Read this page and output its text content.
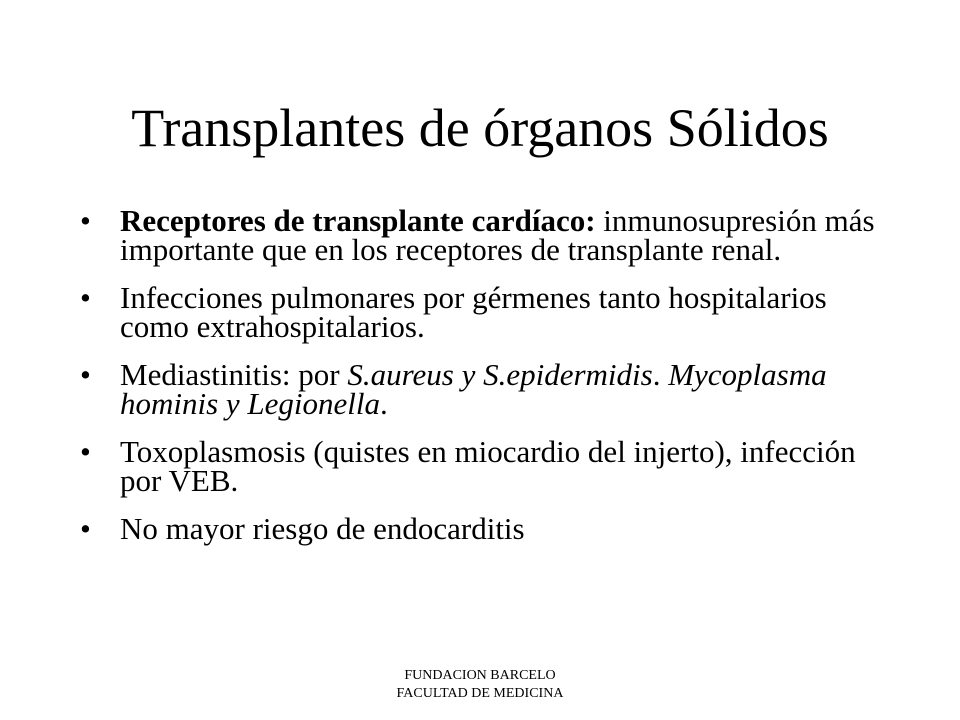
Transplantes de órganos Sólidos
• Receptores de transplante cardíaco: inmunosupresión más importante que en los receptores de transplante renal.
• Infecciones pulmonares por gérmenes tanto hospitalarios como extrahospitalarios.
• Mediastinitis: por S.aureus y S.epidermidis. Mycoplasma hominis y Legionella.
• Toxoplasmosis (quistes en miocardio del injerto), infección por VEB.
• No mayor riesgo de endocarditis
FUNDACION BARCELO
FACULTAD DE MEDICINA
